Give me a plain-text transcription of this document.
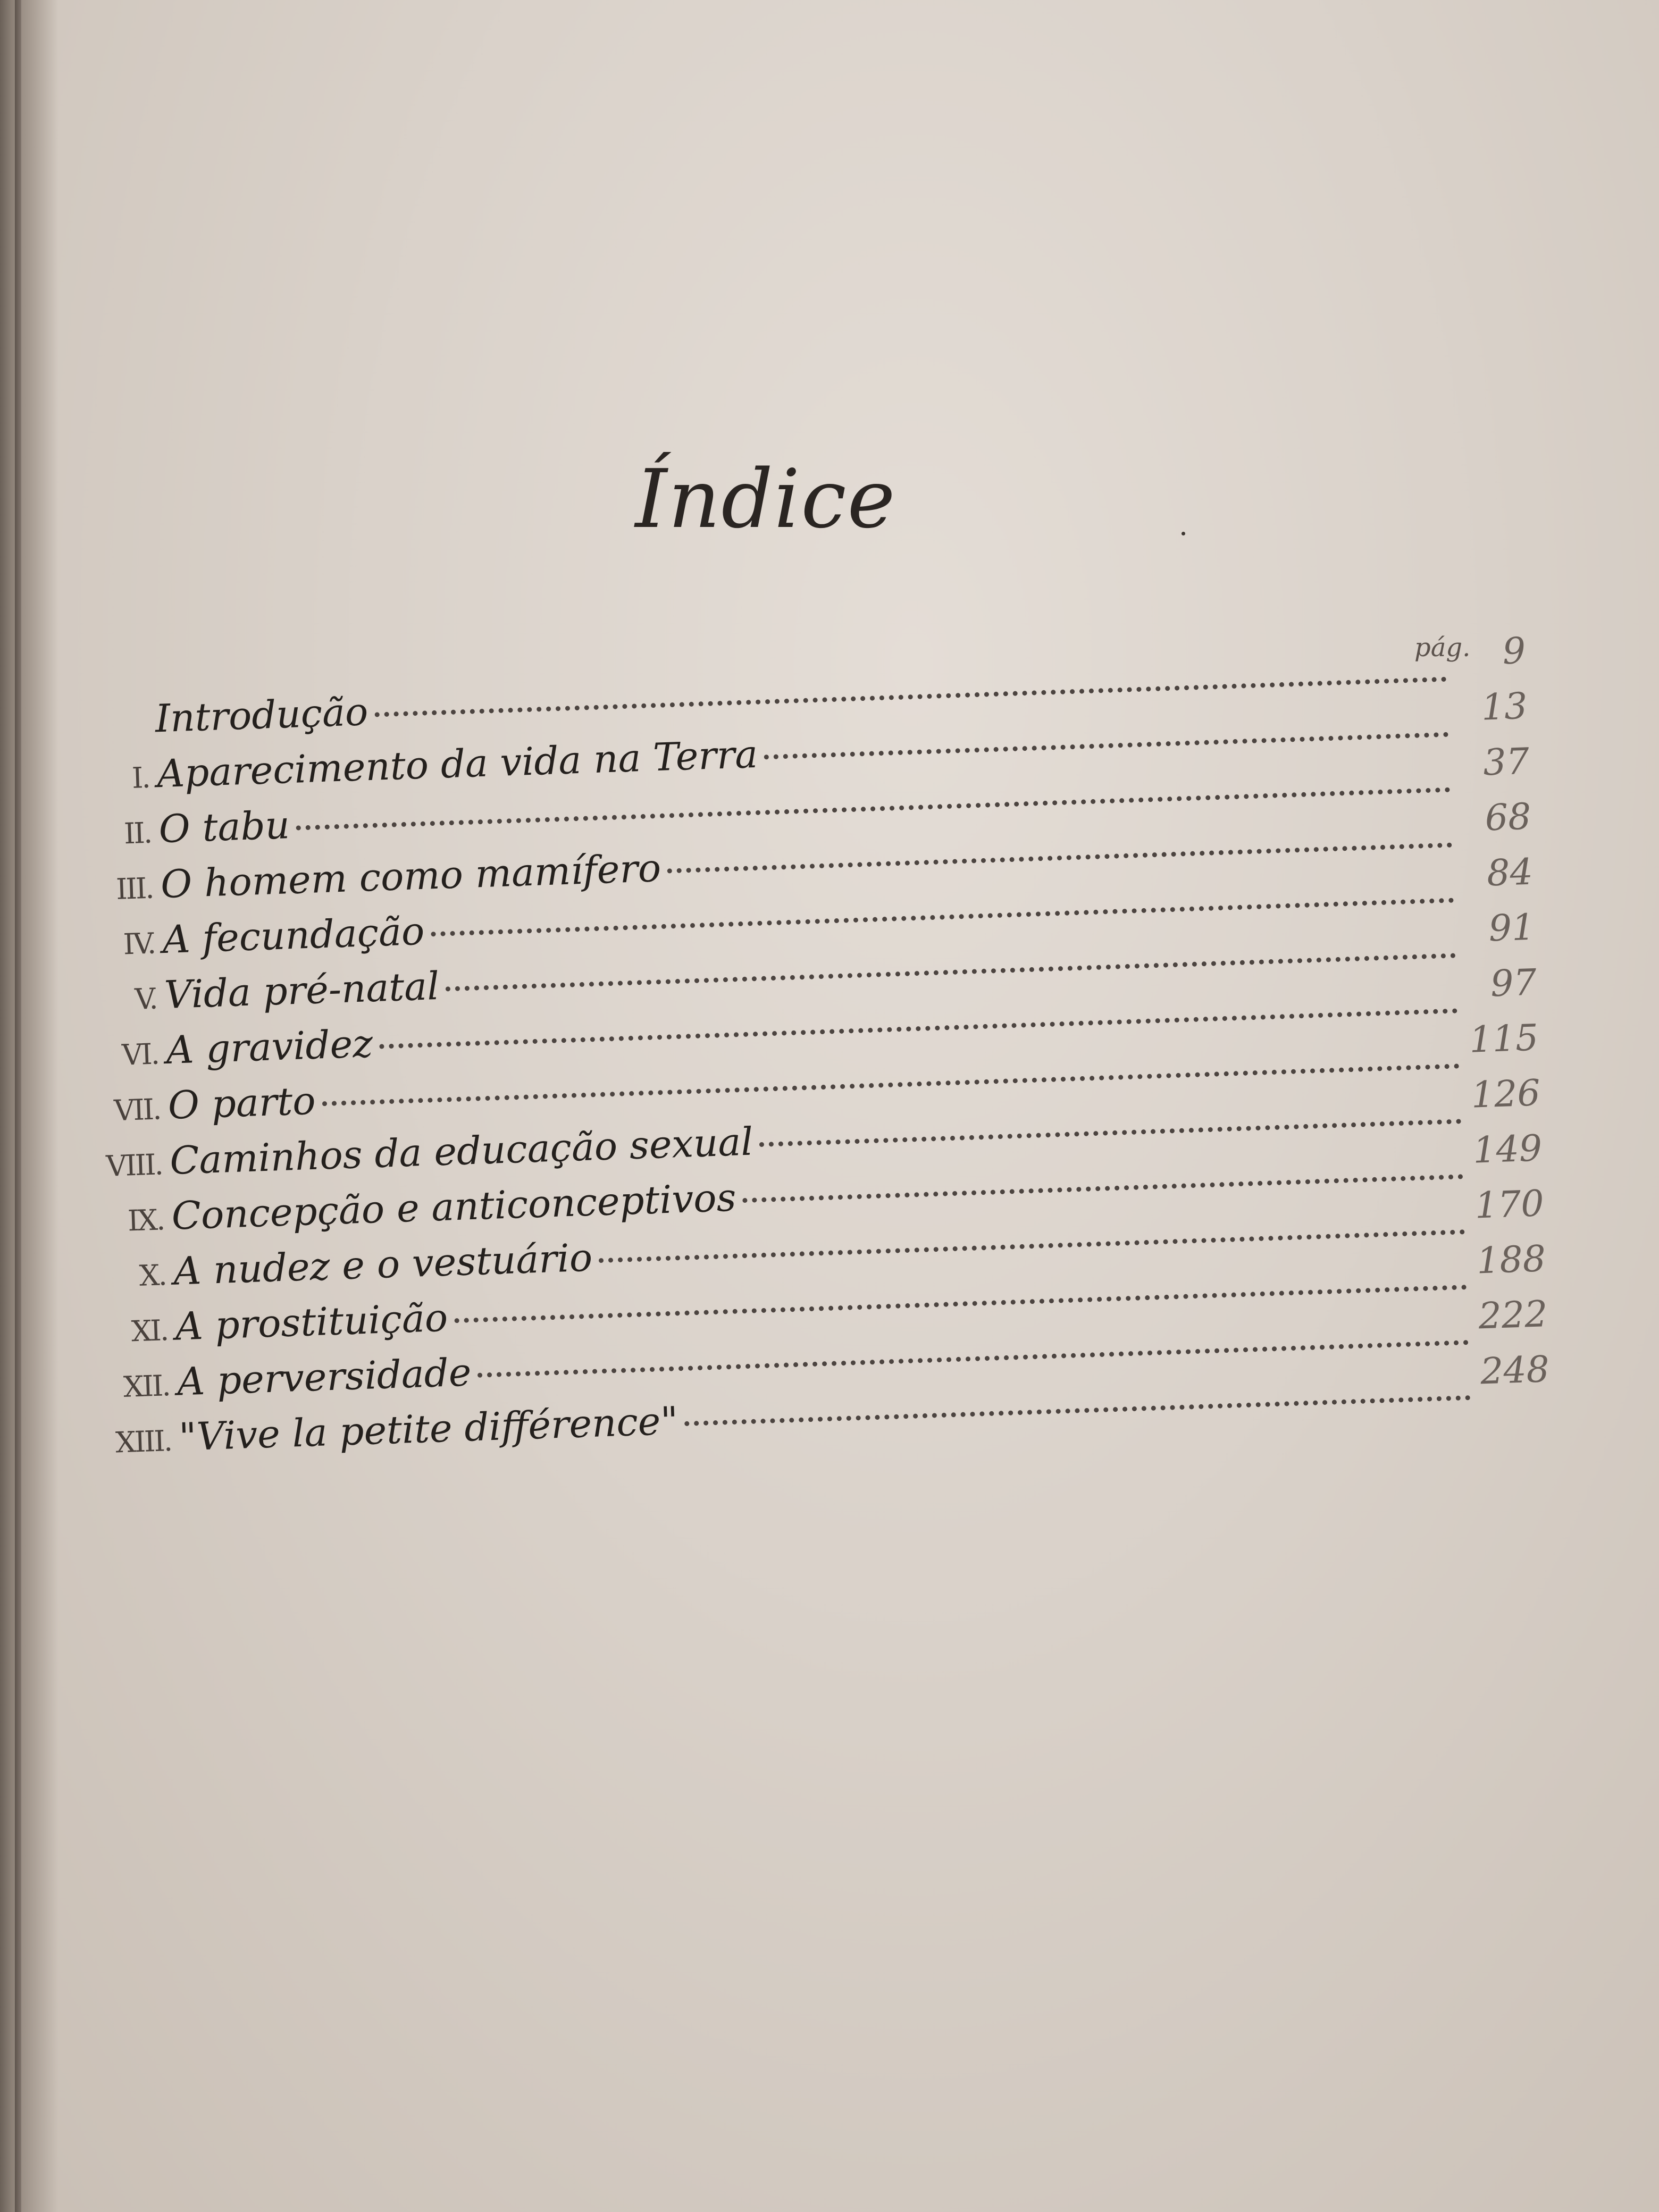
Índice
pág.
Introdução
9
I. Aparecimento da vida na Terra
13
II. O tabu
37
III. O homem como mamífero
68
IV. A fecundação
84
V. Vida pré-natal
91
VI. A gravidez
97
VII. O parto
115
VIII. Caminhos da educação sexual
126
IX. Concepção e anticonceptivos
149
X. A nudez e o vestuário
170
XI. A prostituição
188
XII. A perversidade
222
XIII. "Vive la petite différence"
248
